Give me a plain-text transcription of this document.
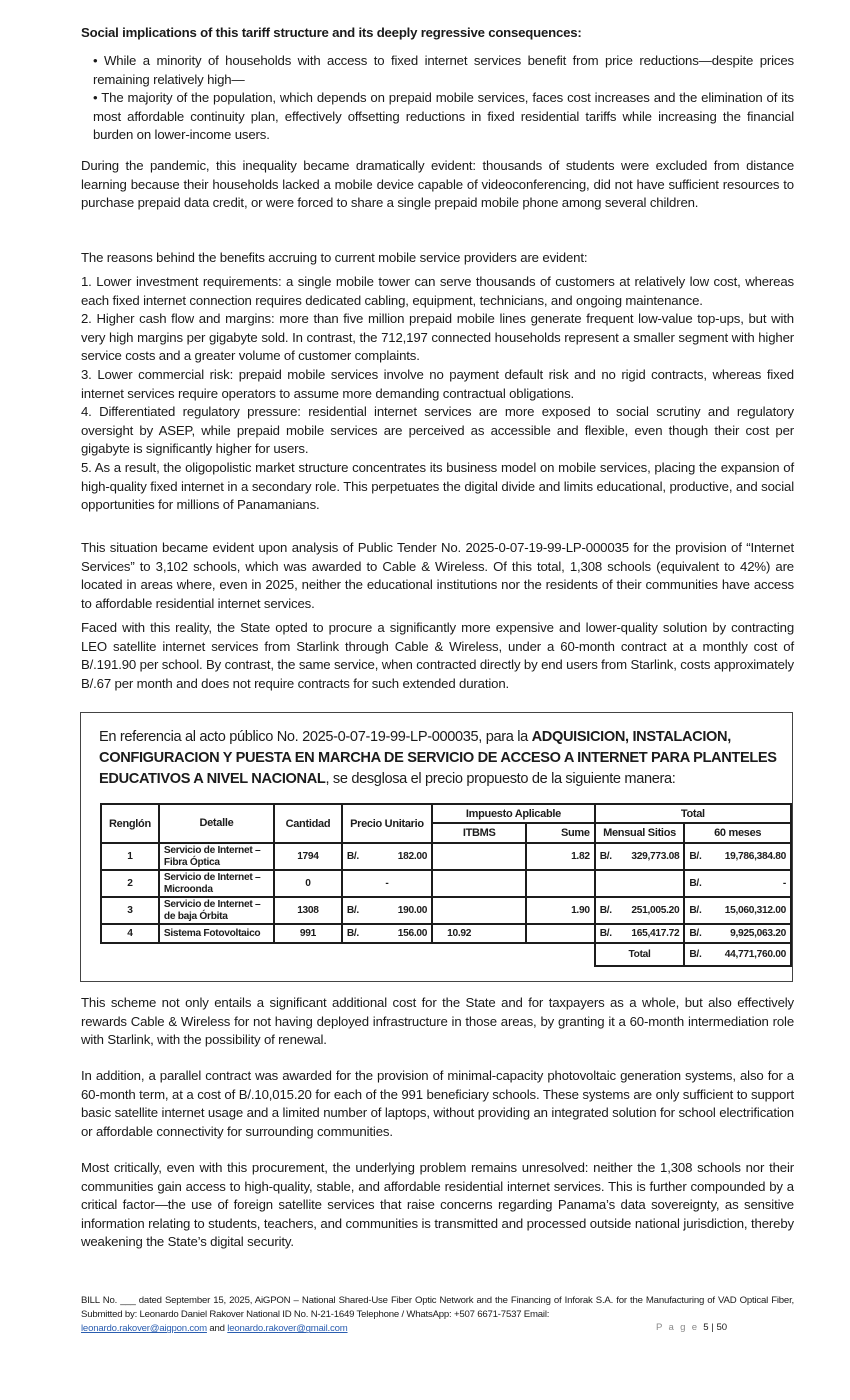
Social implications of this tariff structure and its deeply regressive consequences:

• While a minority of households with access to fixed internet services benefit from price reductions—despite prices remaining relatively high—

• The majority of the population, which depends on prepaid mobile services, faces cost increases and the elimination of its most affordable continuity plan, effectively offsetting reductions in fixed residential tariffs while increasing the financial burden on lower-income users.

During the pandemic, this inequality became dramatically evident: thousands of students were excluded from distance learning because their households lacked a mobile device capable of videoconferencing, did not have sufficient resources to purchase prepaid data credit, or were forced to share a single prepaid mobile phone among several children.

The reasons behind the benefits accruing to current mobile service providers are evident:

1. Lower investment requirements: a single mobile tower can serve thousands of customers at relatively low cost, whereas each fixed internet connection requires dedicated cabling, equipment, technicians, and ongoing maintenance.

2. Higher cash flow and margins: more than five million prepaid mobile lines generate frequent low-value top-ups, but with very high margins per gigabyte sold. In contrast, the 712,197 connected households represent a smaller segment with higher service costs and a greater volume of customer complaints.

3. Lower commercial risk: prepaid mobile services involve no payment default risk and no rigid contracts, whereas fixed internet services require operators to assume more demanding contractual obligations.

4. Differentiated regulatory pressure: residential internet services are more exposed to social scrutiny and regulatory oversight by ASEP, while prepaid mobile services are perceived as accessible and flexible, even though their cost per gigabyte is significantly higher for users.

5. As a result, the oligopolistic market structure concentrates its business model on mobile services, placing the expansion of high-quality fixed internet in a secondary role. This perpetuates the digital divide and limits educational, productive, and social opportunities for millions of Panamanians.

This situation became evident upon analysis of Public Tender No. 2025-0-07-19-99-LP-000035 for the provision of “Internet Services” to 3,102 schools, which was awarded to Cable & Wireless. Of this total, 1,308 schools (equivalent to 42%) are located in areas where, even in 2025, neither the educational institutions nor the residents of their communities have access to affordable residential internet services.

Faced with this reality, the State opted to procure a significantly more expensive and lower-quality solution by contracting LEO satellite internet services from Starlink through Cable & Wireless, under a 60-month contract at a monthly cost of B/.191.90 per school. By contrast, the same service, when contracted directly by end users from Starlink, costs approximately B/.67 per month and does not require contracts for such extended duration.

This scheme not only entails a significant additional cost for the State and for taxpayers as a whole, but also effectively rewards Cable & Wireless for not having deployed infrastructure in those areas, by granting it a 60-month intermediation role with Starlink, with the possibility of renewal.

In addition, a parallel contract was awarded for the provision of minimal-capacity photovoltaic generation systems, also for a 60-month term, at a cost of B/.10,015.20 for each of the 991 beneficiary schools. These systems are only sufficient to support basic satellite internet usage and a limited number of laptops, without providing an integrated solution for school electrification or affordable connectivity for surrounding communities.

Most critically, even with this procurement, the underlying problem remains unresolved: neither the 1,308 schools nor their communities gain access to high-quality, stable, and affordable residential internet services. This is further compounded by a critical factor—the use of foreign satellite services that raise concerns regarding Panama’s data sovereignty, as sensitive information relating to students, teachers, and communities is transmitted and processed outside national jurisdiction, thereby weakening the State’s digital security.

En referencia al acto público No. 2025-0-07-19-99-LP-000035, para la ADQUISICION, INSTALACION, CONFIGURACION Y PUESTA EN MARCHA DE SERVICIO DE ACCESO A INTERNET PARA PLANTELES EDUCATIVOS A NIVEL NACIONAL, se desglosa el precio propuesto de la siguiente manera:
Renglón	Detalle	Cantidad	Precio Unitario	Impuesto Aplicable		Total	
				ITBMS	Sume	Mensual Sitios	60 meses
1	Servicio de Internet – Fibra Óptica	1794	B/. 182.00		1.82	B/. 329,773.08	B/. 19,786,384.80

2	Servicio de Internet –Microonda	0	-				B/. -

3	Servicio de Internet –de baja Órbita	1308	B/. 190.00		1.90	B/. 251,005.20	B/. 15,060,312.00

4	Sistema Fotovoltaico	991	B/. 156.00	10.92		B/. 165,417.72	B/. 9,925,063.20

						Total	B/. 44,771,760.00
BILL No. ___ dated September 15, 2025, AiGPON – National Shared-Use Fiber Optic Network and the Financing of Inforak S.A. for the Manufacturing of VAD Optical Fiber, Submitted by: Leonardo Daniel Rakover National ID No. N-21-1649 Telephone / WhatsApp: +507 6671-7537 Email:
leonardo.rakover@aigpon.com and leonardo.rakover@gmail.com	P a g e 5 | 50
